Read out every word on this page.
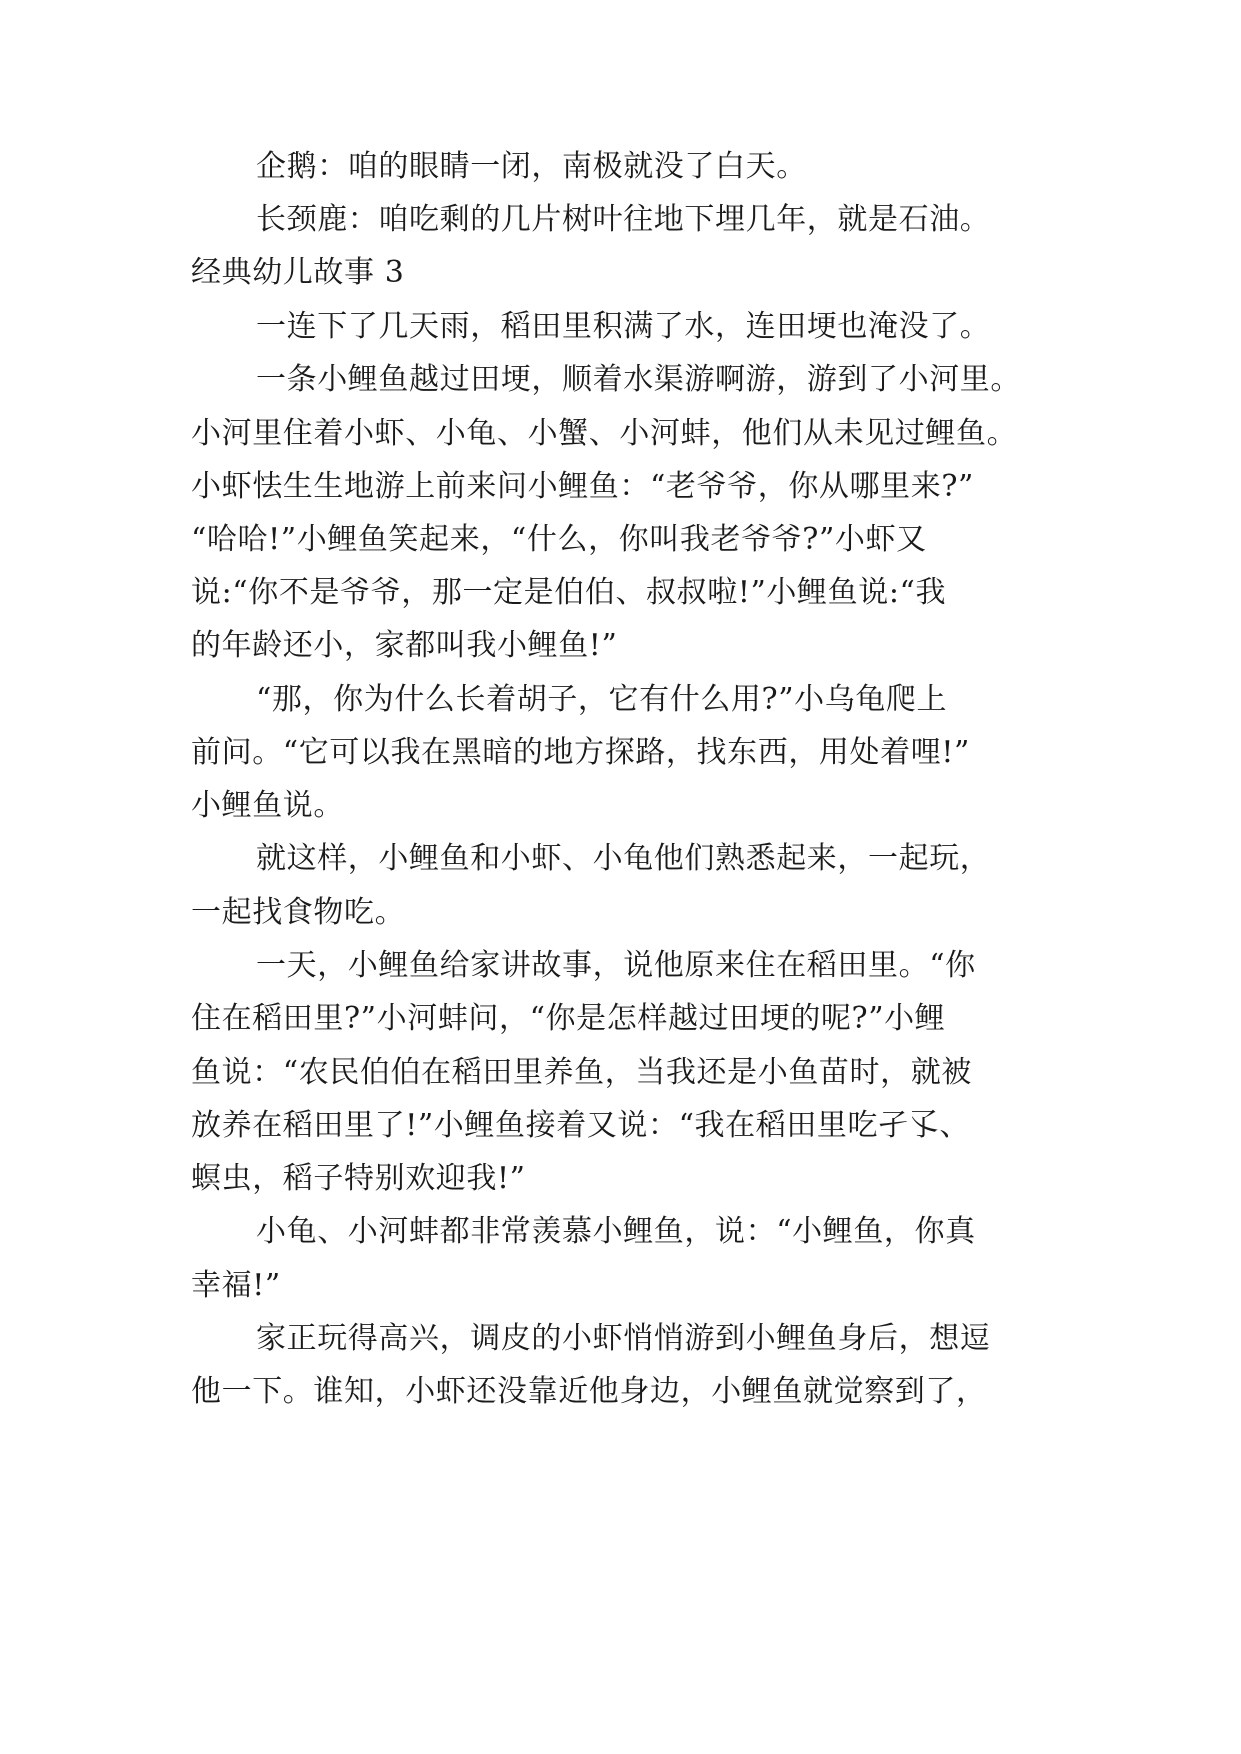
企鹅：咱的眼睛一闭，南极就没了白天。
长颈鹿：咱吃剩的几片树叶往地下埋几年，就是石油。
经典幼儿故事 3
一连下了几天雨，稻田里积满了水，连田埂也淹没了。
一条小鲤鱼越过田埂，顺着水渠游啊游，游到了小河里。
小河里住着小虾、小龟、小蟹、小河蚌，他们从未见过鲤鱼。
小虾怯生生地游上前来问小鲤鱼：“老爷爷，你从哪里来?”
“哈哈!”小鲤鱼笑起来，“什么，你叫我老爷爷?”小虾又
说:“你不是爷爷，那一定是伯伯、叔叔啦!”小鲤鱼说:“我
的年龄还小，家都叫我小鲤鱼!”
“那，你为什么长着胡子，它有什么用?”小乌龟爬上
前问。“它可以我在黑暗的地方探路，找东西，用处着哩!”
小鲤鱼说。
就这样，小鲤鱼和小虾、小龟他们熟悉起来，一起玩，
一起找食物吃。
一天，小鲤鱼给家讲故事，说他原来住在稻田里。“你
住在稻田里?”小河蚌问，“你是怎样越过田埂的呢?”小鲤
鱼说：“农民伯伯在稻田里养鱼，当我还是小鱼苗时，就被
放养在稻田里了!”小鲤鱼接着又说：“我在稻田里吃孑孓、
螟虫，稻子特别欢迎我!”
小龟、小河蚌都非常羡慕小鲤鱼，说：“小鲤鱼，你真
幸福!”
家正玩得高兴，调皮的小虾悄悄游到小鲤鱼身后，想逗
他一下。谁知，小虾还没靠近他身边，小鲤鱼就觉察到了，
